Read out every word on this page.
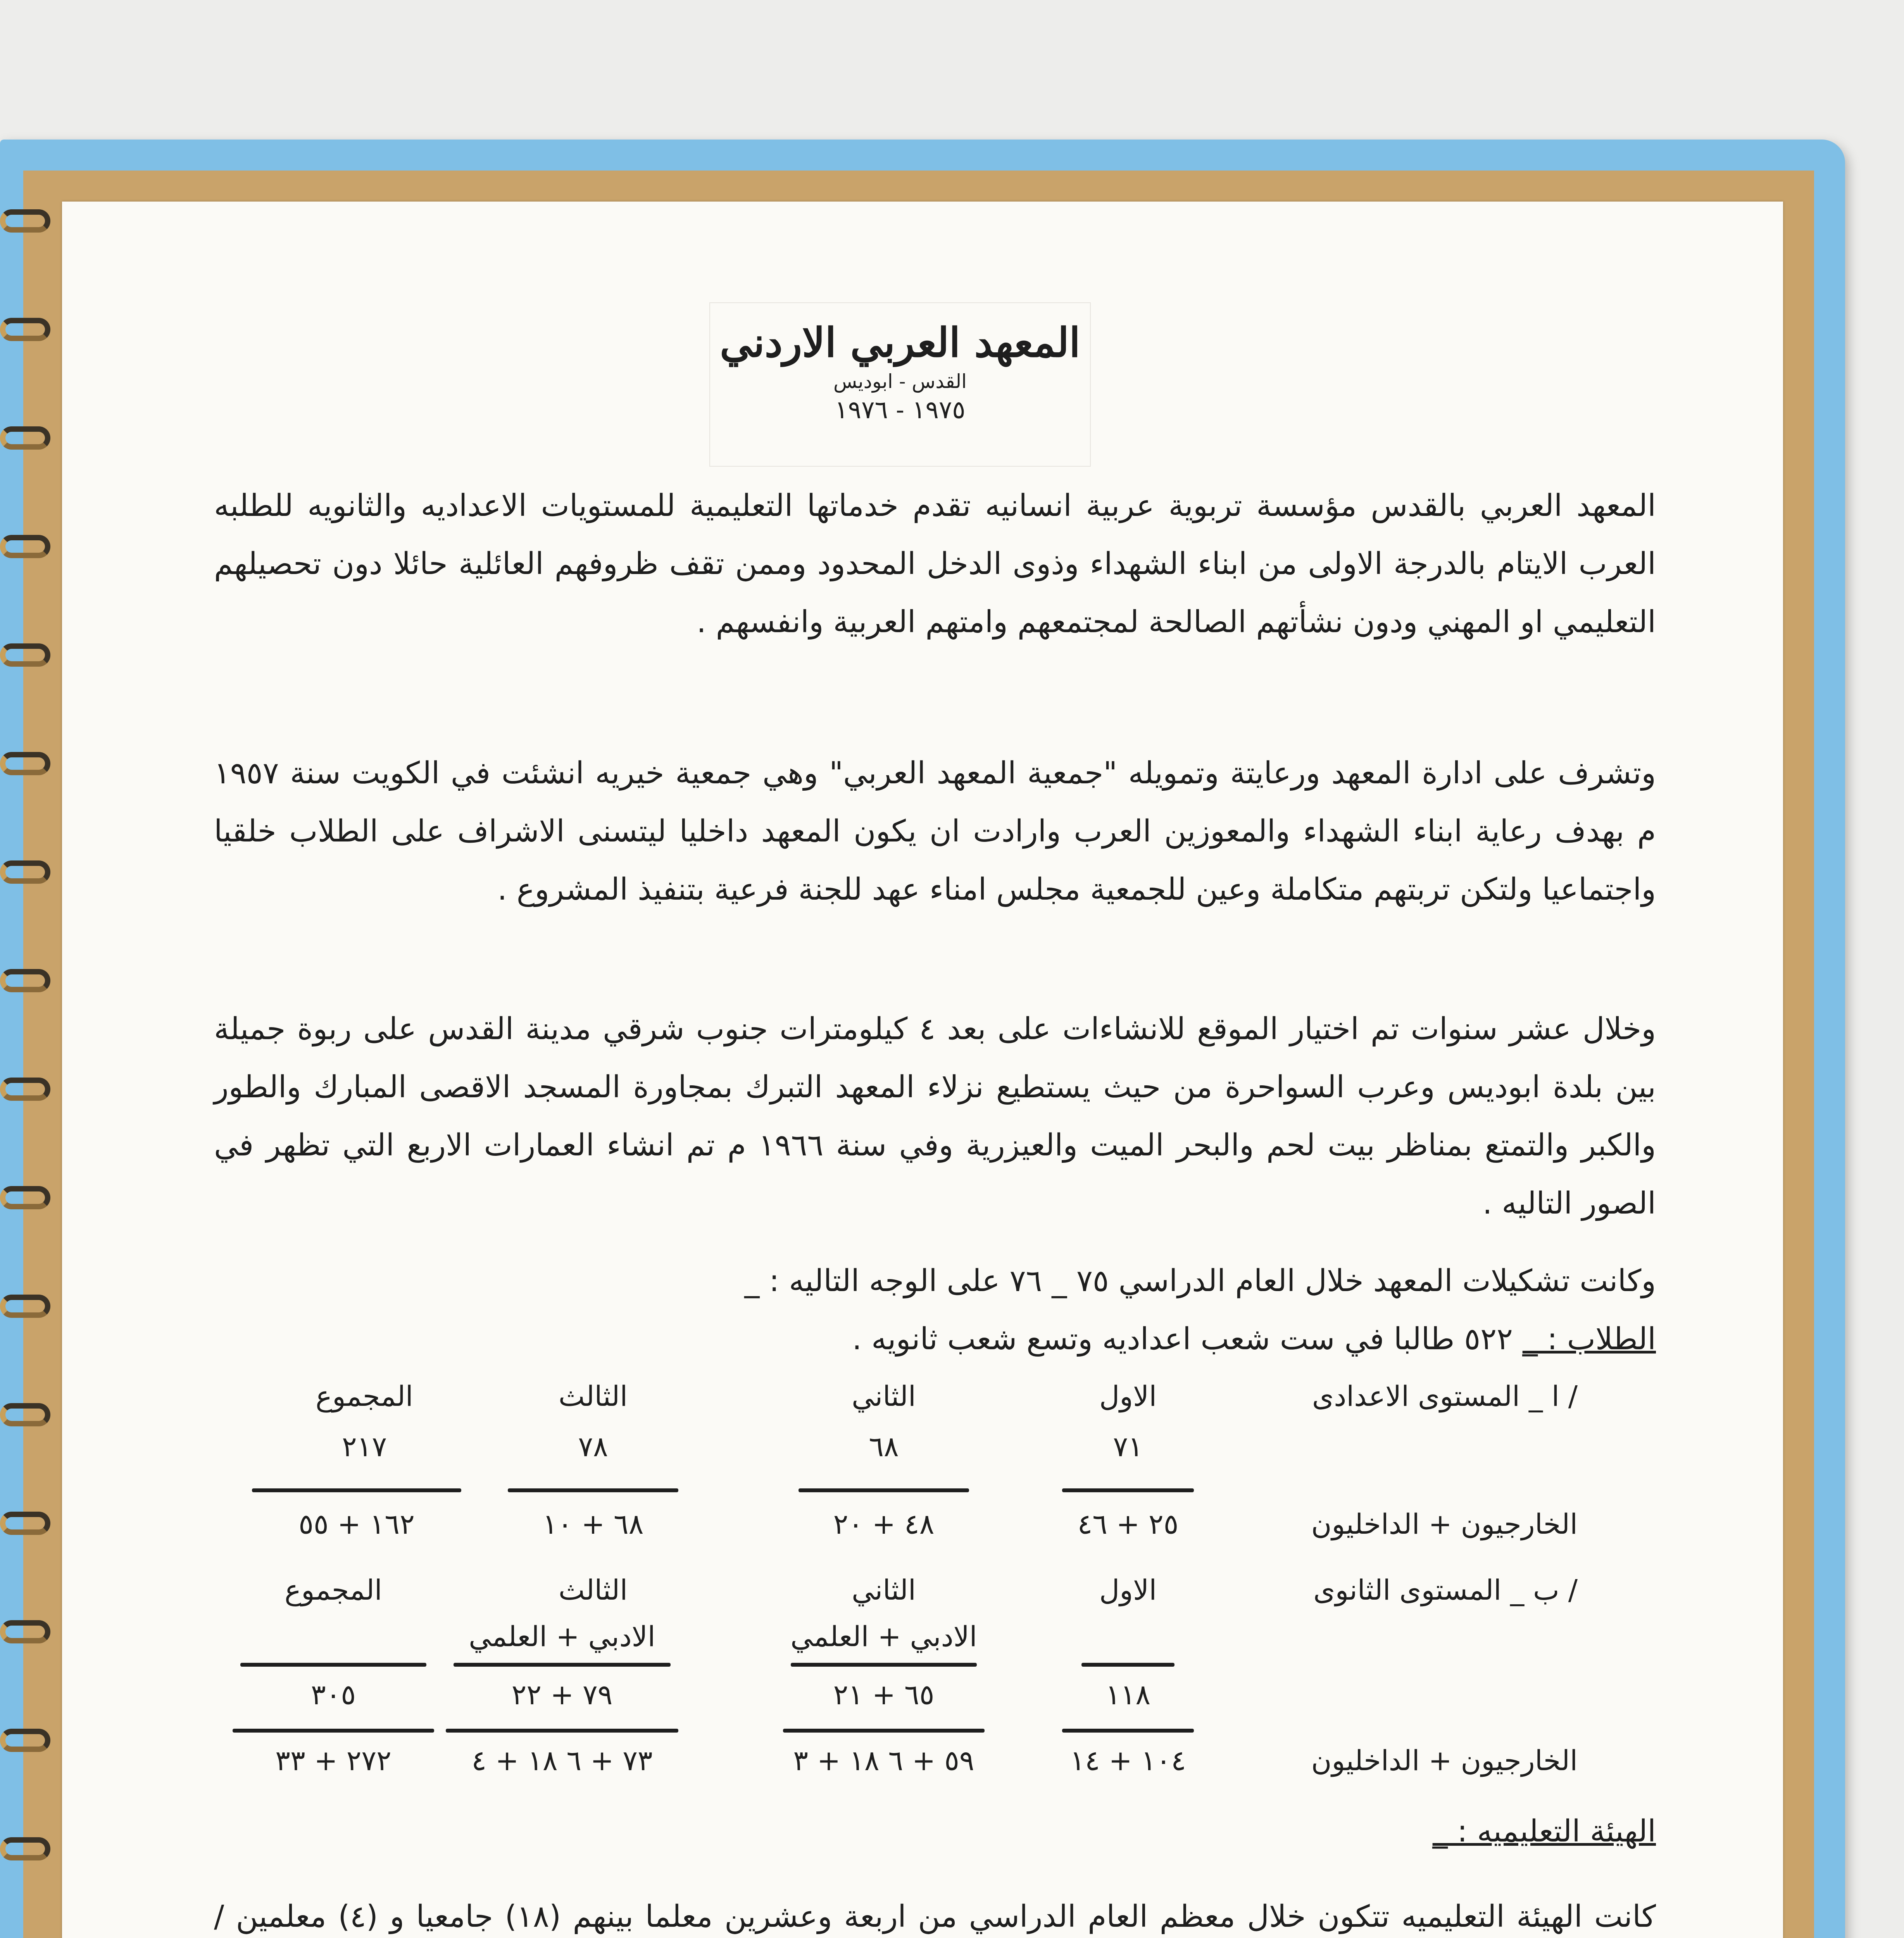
المعهد العربي الاردني
القدس - ابوديس
١٩٧٥ - ١٩٧٦
المعهد العربي بالقدس مؤسسة تربوية عربية انسانيه تقدم خدماتها التعليمية للمستويات الاعداديه والثانويه للطلبه العرب الايتام بالدرجة الاولى من ابناء الشهداء وذوى الدخل المحدود وممن تقف ظروفهم العائلية حائلا دون تحصيلهم التعليمي او المهني ودون نشأتهم الصالحة لمجتمعهم وامتهم العربية وانفسهم .
وتشرف على ادارة المعهد ورعايتة وتمويله "جمعية المعهد العربي" وهي جمعية خيريه انشئت في الكويت سنة ١٩٥٧ م بهدف رعاية ابناء الشهداء والمعوزين العرب وارادت ان يكون المعهد داخليا ليتسنى الاشراف على الطلاب خلقيا واجتماعيا ولتكن تربتهم متكاملة وعين للجمعية مجلس امناء عهد للجنة فرعية بتنفيذ المشروع .
وخلال عشر سنوات تم اختيار الموقع للانشاءات على بعد ٤ كيلومترات جنوب شرقي مدينة القدس على ربوة جميلة بين بلدة ابوديس وعرب السواحرة من حيث يستطيع نزلاء المعهد التبرك بمجاورة المسجد الاقصى المبارك والطور والكبر والتمتع بمناظر بيت لحم والبحر الميت والعيزرية وفي سنة ١٩٦٦ م تم انشاء العمارات الاربع التي تظهر في الصور التاليه .
وكانت تشكيلات المعهد خلال العام الدراسي ٧٥ _ ٧٦ على الوجه التاليه : _
الطلاب : _ ٥٢٢ طالبا في ست شعب اعداديه وتسع شعب ثانويه .
ا _ المستوى الاعدادى /
الاول
الثاني
الثالث
المجموع
٧١
٦٨
٧٨
٢١٧
الخارجيون + الداخليون
٢٥ + ٤٦
٤٨ + ٢٠
٦٨ + ١٠
١٦٢ + ٥٥
ب _ المستوى الثانوى /
الاول
الثاني
الثالث
المجموع
الادبي + العلمي
الادبي + العلمي
١١٨
٦٥ + ٢١
٧٩ + ٢٢
٣٠٥
الخارجيون + الداخليون
١٠٤ + ١٤
٥٩ + ٦ ١٨ + ٣
٧٣ + ٦ ١٨ + ٤
٢٧٢ + ٣٣
الهيئة التعليميه : _
كانت الهيئة التعليميه تتكون خلال معظم العام الدراسي من اربعة وعشرين معلما بينهم (١٨) جامعيا و (٤) معلمين /
